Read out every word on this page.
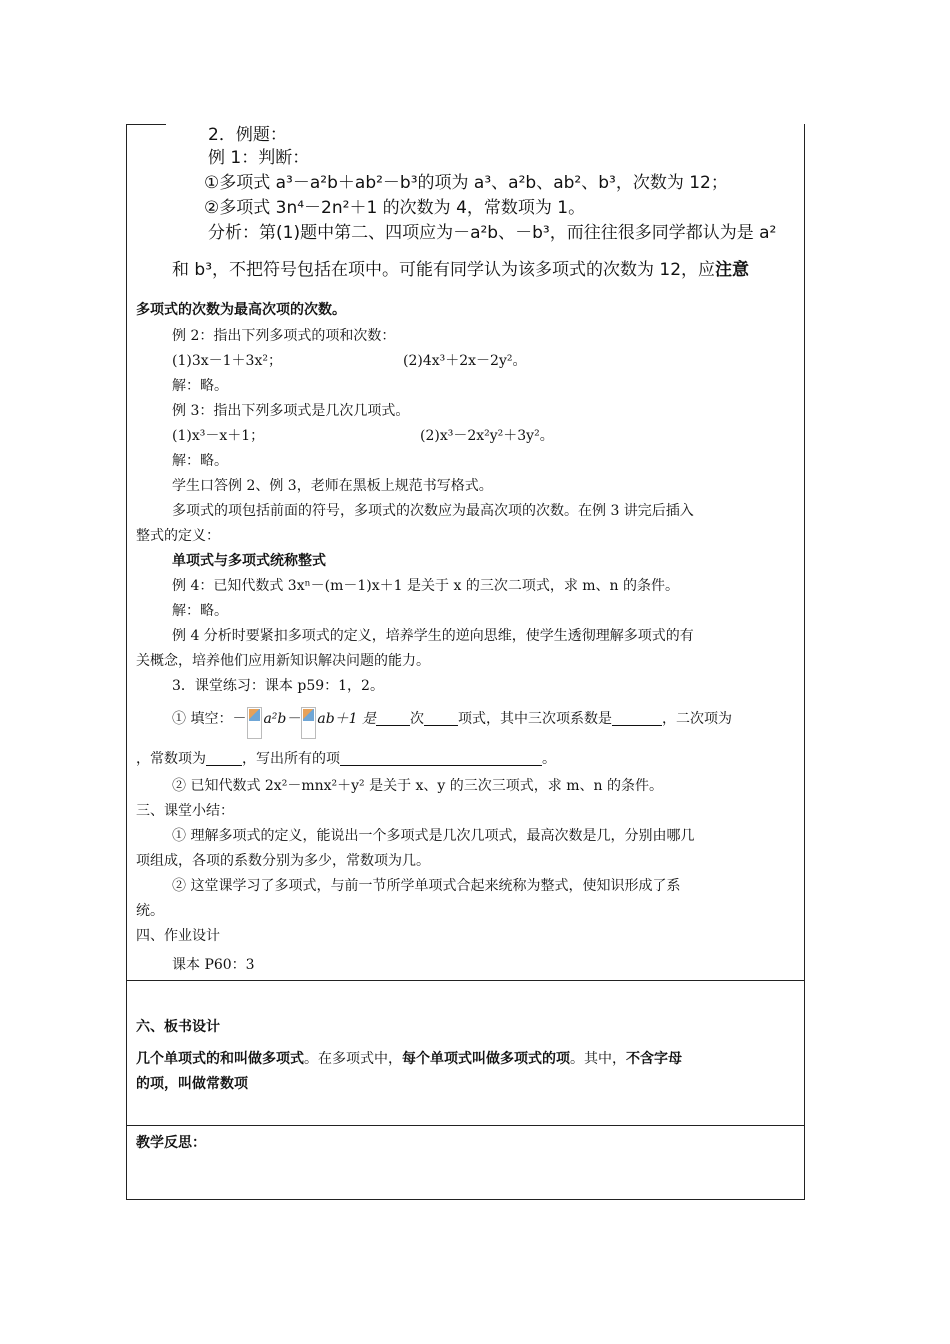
2．例题：
例 1：判断：
①多项式 a³－a²b＋ab²－b³的项为 a³、a²b、ab²、b³，次数为 12；
②多项式 3n⁴－2n²＋1 的次数为 4，常数项为 1。
分析：第(1)题中第二、四项应为－a²b、－b³，而往往很多同学都认为是 a²
和 b³，不把符号包括在项中。可能有同学认为该多项式的次数为 12，应注意
多项式的次数为最高次项的次数。
例 2：指出下列多项式的项和次数：
(1)3x－1＋3x²；	(2)4x³＋2x－2y²。
解：略。
例 3：指出下列多项式是几次几项式。
(1)x³－x＋1；	(2)x³－2x²y²＋3y²。
解：略。
学生口答例 2、例 3，老师在黑板上规范书写格式。
多项式的项包括前面的符号，多项式的次数应为最高次项的次数。在例 3 讲完后插入
整式的定义：
单项式与多项式统称整式
例 4：已知代数式 3xⁿ－(m－1)x＋1 是关于 x 的三次二项式，求 m、n 的条件。
解：略。
例 4 分析时要紧扣多项式的定义，培养学生的逆向思维，使学生透彻理解多项式的有
关概念，培养他们应用新知识解决问题的能力。
3．课堂练习：课本 p59：1，2。
① 填空：－ a²b－ ab＋1 是 次 项式，其中三次项系数是	，二次项为
，常数项为	，写出所有的项	。
② 已知代数式 2x²－mnx²＋y² 是关于 x、y 的三次三项式，求 m、n 的条件。
三、课堂小结：
① 理解多项式的定义，能说出一个多项式是几次几项式，最高次数是几，分别由哪几
项组成，各项的系数分别为多少，常数项为几。
② 这堂课学习了多项式，与前一节所学单项式合起来统称为整式，使知识形成了系
统。
四、作业设计
课本 P60：3
六、板书设计
几个单项式的和叫做多项式。在多项式中，每个单项式叫做多项式的项。其中，不含字母
的项，叫做常数项
教学反思：
